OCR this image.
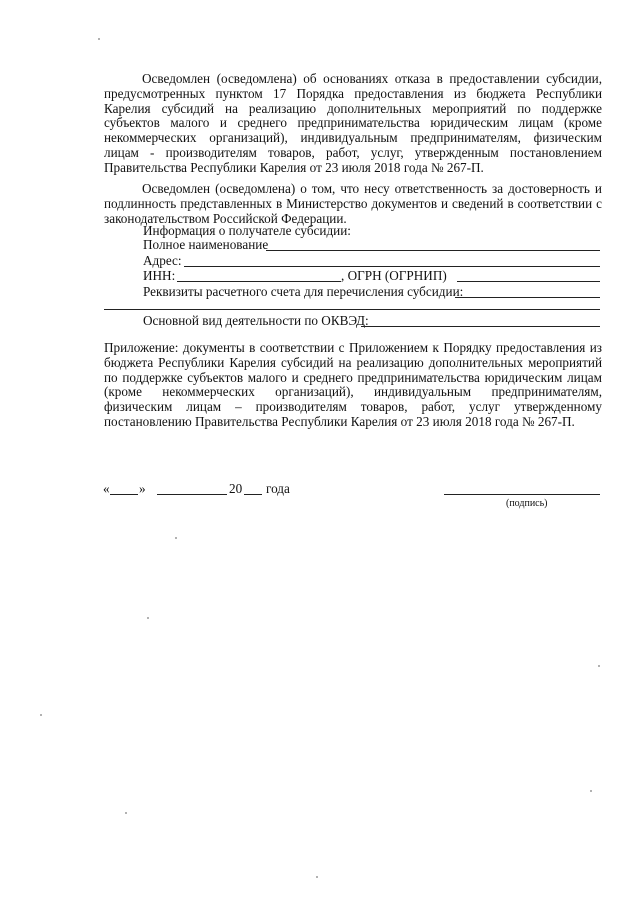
Осведомлен (осведомлена) об основаниях отказа в предоставлении субсидии, предусмотренных пунктом 17 Порядка предоставления из бюджета Республики Карелия субсидий на реализацию дополнительных мероприятий по поддержке субъектов малого и среднего предпринимательства юридическим лицам (кроме некоммерческих организаций), индивидуальным предпринимателям, физическим лицам - производителям товаров, работ, услуг, утвержденным постановлением Правительства Республики Карелия от 23 июля 2018 года № 267-П.

Осведомлен (осведомлена) о том, что несу ответственность за достоверность и подлинность представленных в Министерство документов и сведений в соответствии с законодательством Российской Федерации.

Информация о получателе субсидии:
Полное наименование
Адрес:
ИНН:	, ОГРН (ОГРНИП)
Реквизиты расчетного счета для перечисления субсидии:
Основной вид деятельности по ОКВЭД:

Приложение: документы в соответствии с Приложением к Порядку предоставления из бюджета Республики Карелия субсидий на реализацию дополнительных мероприятий по поддержке субъектов малого и среднего предпринимательства юридическим лицам (кроме некоммерческих организаций), индивидуальным предпринимателям, физическим лицам – производителям товаров, работ, услуг утвержденному постановлению Правительства Республики Карелия от 23 июля 2018 года № 267-П.

« »	20 года
(подпись)
